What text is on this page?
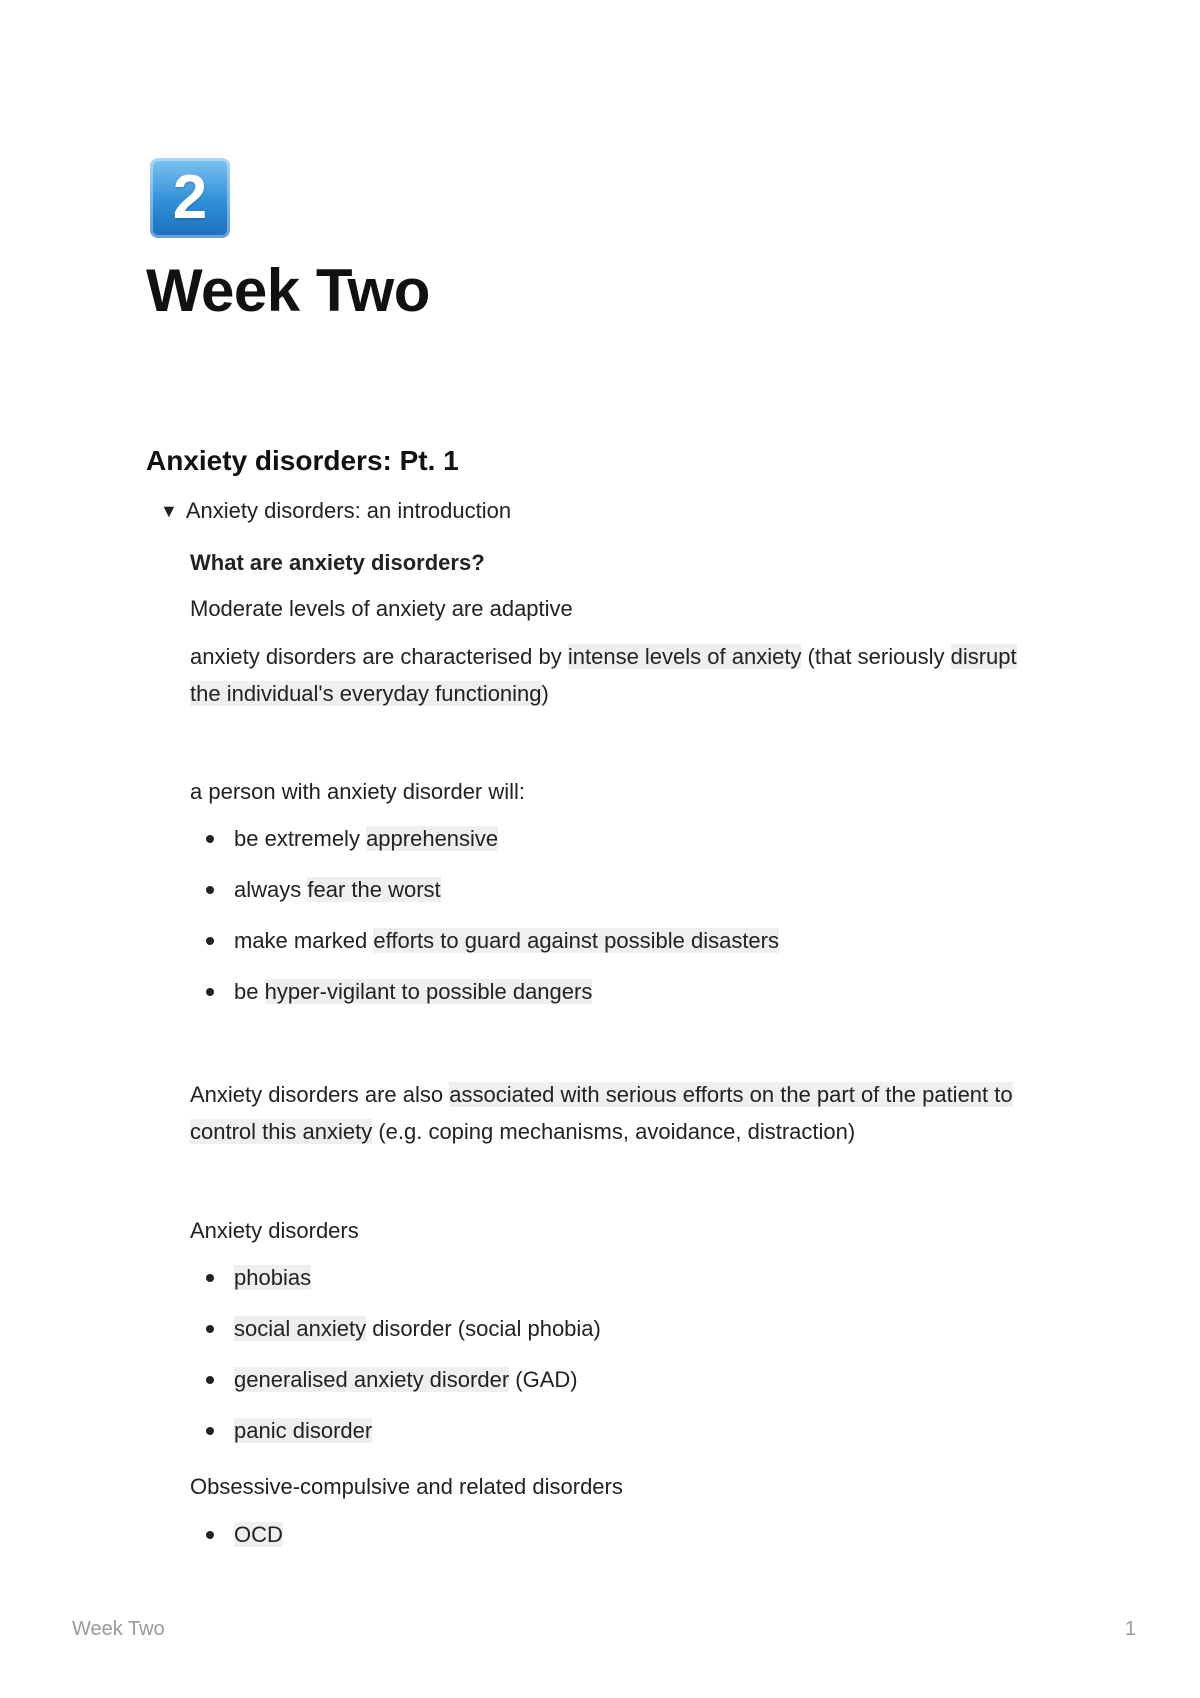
2
Week Two
Anxiety disorders: Pt. 1
▼ Anxiety disorders: an introduction

What are anxiety disorders?

Moderate levels of anxiety are adaptive

anxiety disorders are characterised by intense levels of anxiety (that seriously disrupt the individual's everyday functioning)

a person with anxiety disorder will:

be extremely apprehensive
always fear the worst
make marked efforts to guard against possible disasters
be hyper-vigilant to possible dangers

Anxiety disorders are also associated with serious efforts on the part of the patient to control this anxiety (e.g. coping mechanisms, avoidance, distraction)

Anxiety disorders

phobias
social anxiety disorder (social phobia)
generalised anxiety disorder (GAD)
panic disorder

Obsessive-compulsive and related disorders

OCD
Week Two	1
